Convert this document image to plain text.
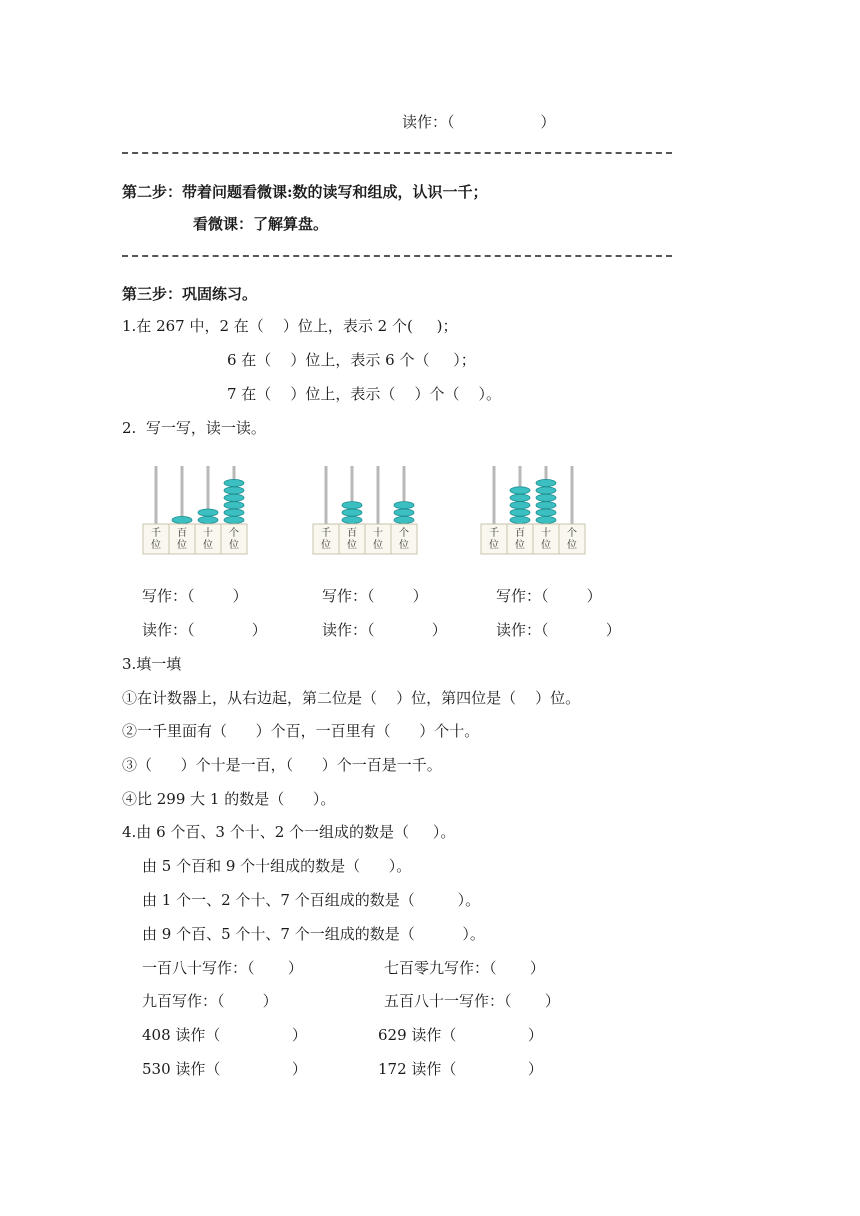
读作：（                  ）
第二步：带着问题看微课:数的读写和组成，认识一千；
看微课：了解算盘。
第三步：巩固练习。
1.在 267 中，2 在（    ）位上，表示 2 个(     )；
6 在（    ）位上，表示 6 个（     ）；
7 在（    ）位上，表示（    ）个（    ）。
2.  写一写，读一读。
千
位
百
位
十
位
个
位
千
位
百
位
十
位
个
位
千
位
百
位
十
位
个
位
写作：（        ）	写作：（        ）	写作：（        ）
读作：（            ）	读作：（            ）	读作：（            ）
3.填一填
①在计数器上，从右边起，第二位是（    ）位，第四位是（    ）位。
②一千里面有（      ）个百，一百里有（      ）个十。
③（      ）个十是一百，（      ）个一百是一千。
④比 299 大 1 的数是（      ）。
4.由 6 个百、3 个十、2 个一组成的数是（     ）。
由 5 个百和 9 个十组成的数是（      ）。
由 1 个一、2 个十、7 个百组成的数是（         ）。
由 9 个百、5 个十、7 个一组成的数是（          ）。
一百八十写作：（       ）	七百零九写作：（       ）
九百写作：（        ）	五百八十一写作：（       ）
408 读作（               ）	629 读作（               ）
530 读作（               ）	172 读作（               ）
